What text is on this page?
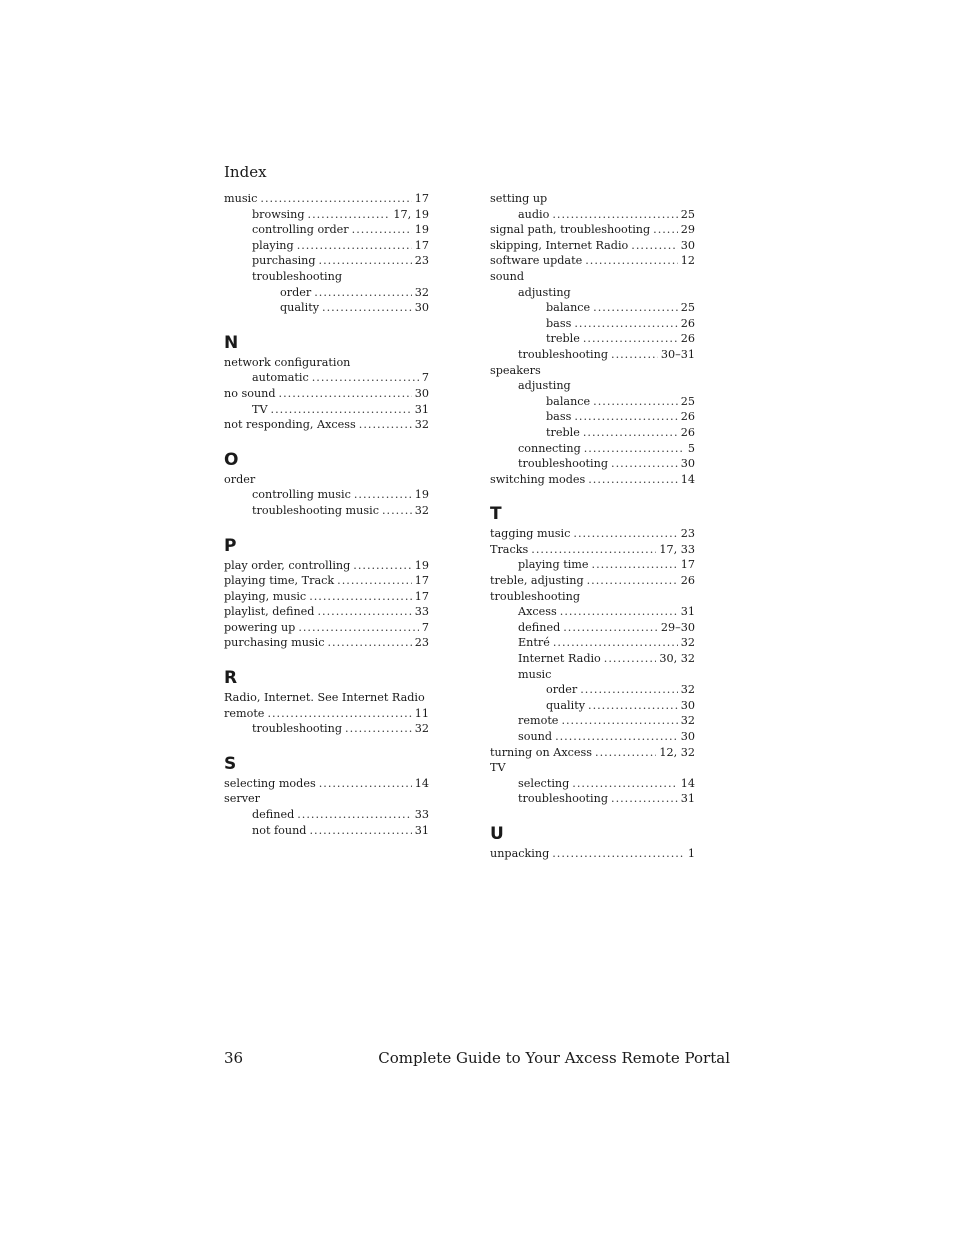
Index
music .....	17
browsing .....	17, 19
controlling order .....	19
playing .....	17
purchasing .....	23
troubleshooting
order .....	32
quality .....	30
N
network configuration
automatic .....	7
no sound .....	30
TV .....	31
not responding, Axcess .....	32
O
order
controlling music .....	19
troubleshooting music .....	32
P
play order, controlling .....	19
playing time, Track .....	17
playing, music .....	17
playlist, defined .....	33
powering up .....	7
purchasing music .....	23
R
Radio, Internet. See Internet Radio
remote .....	11
troubleshooting .....	32
S
selecting modes .....	14
server
defined .....	33
not found .....	31
setting up
audio .....	25
signal path, troubleshooting .....	29
skipping, Internet Radio .....	30
software update .....	12
sound
adjusting
balance .....	25
bass .....	26
treble .....	26
troubleshooting .....	30–31
speakers
adjusting
balance .....	25
bass .....	26
treble .....	26
connecting .....	5
troubleshooting .....	30
switching modes .....	14
T
tagging music .....	23
Tracks .....	17, 33
playing time .....	17
treble, adjusting .....	26
troubleshooting
Axcess .....	31
defined .....	29–30
Entré .....	32
Internet Radio .....	30, 32
music
order .....	32
quality .....	30
remote .....	32
sound .....	30
turning on Axcess .....	12, 32
TV
selecting .....	14
troubleshooting .....	31
U
unpacking .....	1
36	Complete Guide to Your Axcess Remote Portal
